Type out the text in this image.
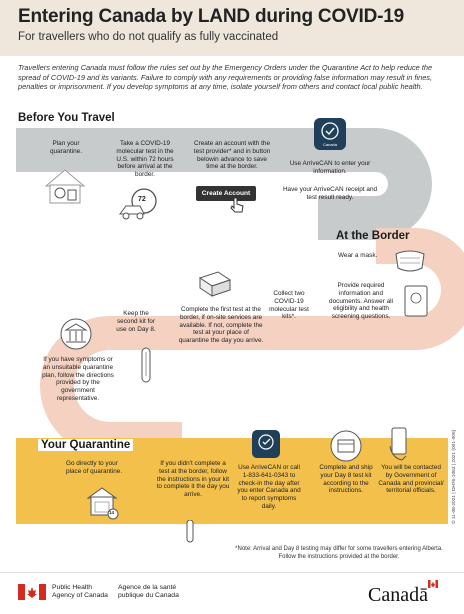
Entering Canada by LAND during COVID-19
For travellers who do not qualify as fully vaccinated
Travellers entering Canada must follow the rules set out by the Emergency Orders under the Quarantine Act to help reduce the spread of COVID-19 and its variants. Failure to comply with any requirements or providing false information may result in fines, penalties or imprisonment. If you develop symptoms at any time, isolate yourself from others and contact local public health.
Before You Travel
At the Border
Your Quarantine
Plan your quarantine.
Take a COVID-19 molecular test in the U.S. within 72 hours before arrival at the border.
72
Create an account with the test provider* and in button belowin advance to save time at the border.
Create Account
Canada
Use ArriveCAN to enter your information.
Have your ArriveCAN receipt and test result ready.
Wear a mask.
Provide required information and documents. Answer all eligibility and health screening questions.
Collect two COVID-19 molecular test kits*.
Complete the first test at the border, if on-site services are available. If not, complete the test at your place of quarantine the day you arrive.
Keep the second kit for use on Day 8.
If you have symptoms or an unsuitable quarantine plan, follow the directions provided by the government representative.
Go directly to your place of quarantine.
14
If you didn't complete a test at the border, follow the instructions in your kit to complete it the day you arrive.
Use ArriveCAN or call 1-833-641-0343 to check-in the day after you enter Canada and to report symptoms daily.
Complete and ship your Day 8 test kit according to the instructions.
You will be contacted by Government of Canada and provincial/ territorial officials.	© 11-08-2021 | DH76-1063 | 2021 (001-005)
*Note: Arrival and Day 8 testing may differ for some travellers entering Alberta. Follow the instructions provided at the border.
Public Health
Agency of Canada
Agence de la santé
publique du Canada	Canadā
